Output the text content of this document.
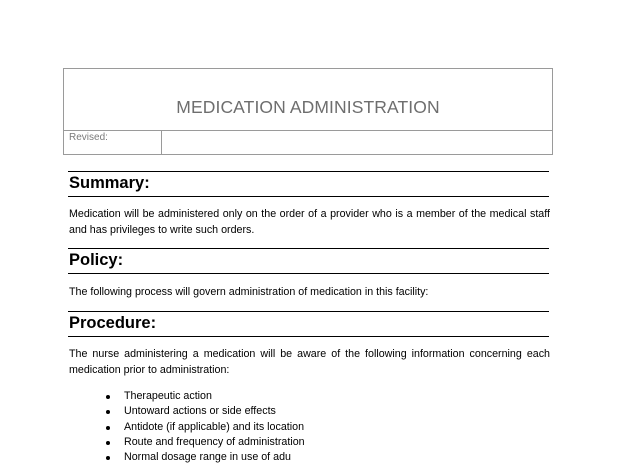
MEDICATION ADMINISTRATION
Revised:
Summary:
Medication will be administered only on the order of a provider who is a member of the medical staff and has privileges to write such orders.
Policy:
The following process will govern administration of medication in this facility:
Procedure:
The nurse administering a medication will be aware of the following information concerning each medication prior to administration:
Therapeutic action
Untoward actions or side effects
Antidote (if applicable) and its location
Route and frequency of administration
Normal dosage range in use of adu
